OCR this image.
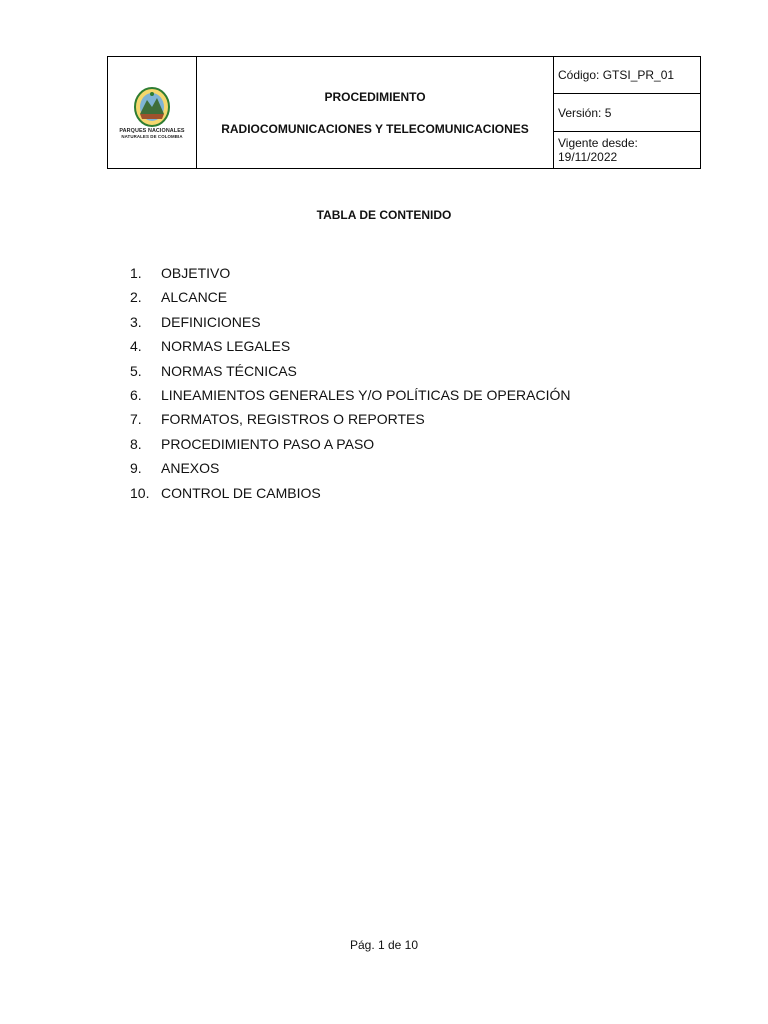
PARQUES NACIONALES
NATURALES DE COLOMBIA

PROCEDIMIENTO
RADIOCOMUNICACIONES Y TELECOMUNICACIONES
	Código: GTSI_PR_01
Versión: 5
Vigente desde: 19/11/2022
TABLA DE CONTENIDO
1.	OBJETIVO
2.	ALCANCE
3.	DEFINICIONES
4.	NORMAS LEGALES
5.	NORMAS TÉCNICAS
6.	LINEAMIENTOS GENERALES Y/O POLÍTICAS DE OPERACIÓN
7.	FORMATOS, REGISTROS O REPORTES
8.	PROCEDIMIENTO PASO A PASO
9.	ANEXOS
10. CONTROL DE CAMBIOS
Pág. 1 de 10
